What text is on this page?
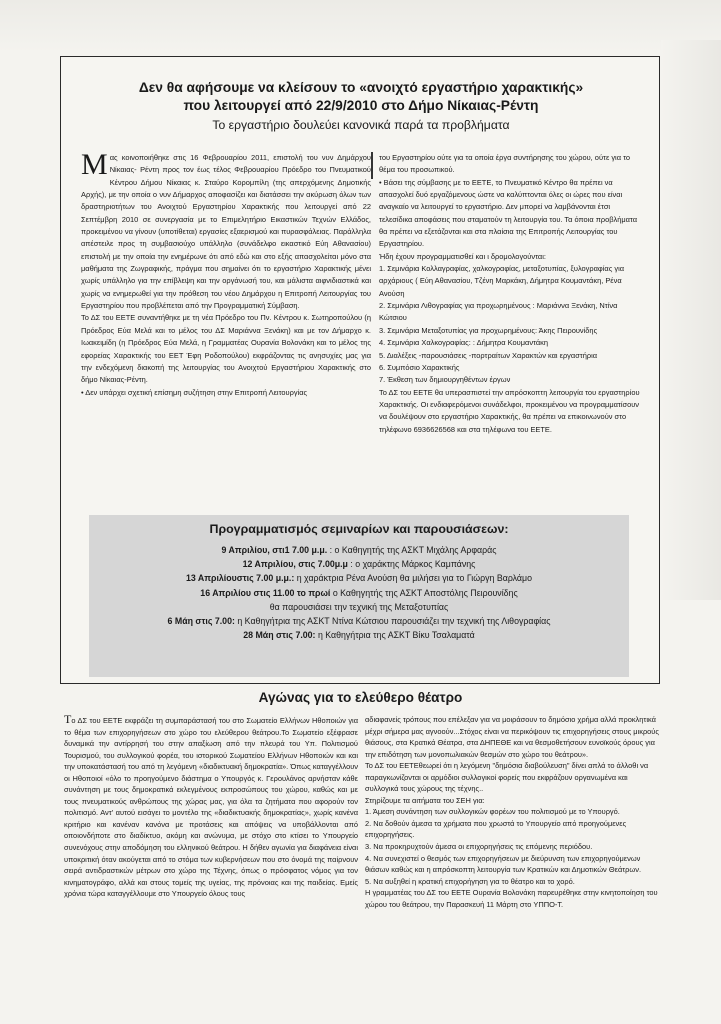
Δεν θα αφήσουμε να κλείσουν το «ανοιχτό εργαστήριο χαρακτικής»
που λειτουργεί από 22/9/2010 στο Δήμο Νίκαιας-Ρέντη

Το εργαστήριο δουλεύει κανονικά παρά τα προβλήματα

Μας κοινοποιήθηκε στις 16 Φεβρουαρίου 2011, επιστολή του νυν Δημάρχου Νίκαιας- Ρέντη προς τον έως τέλος Φεβρουαρίου Πρόεδρο του Πνευματικού Κέντρου Δήμου Νίκαιας κ. Σταύρο Κορομπίλη (της απερχόμενης Δημοτικής Αρχής), με την οποία ο νυν Δήμαρχος αποφασίζει και διατάσσει την ακύρωση όλων των δραστηριοτήτων του Ανοιχτού Εργαστηρίου Χαρακτικής που λειτουργεί από 22 Σεπτέμβρη 2010 σε συνεργασία με το Επιμελητήριο Εικαστικών Τεχνών Ελλάδος, προκειμένου να γίνουν (υποτίθεται) εργασίες εξαερισμού και πυρασφάλειας. Παράλληλα απέστειλε προς τη συμβασιούχο υπάλληλο (συνάδελφο εικαστικό Εύη Αθανασίου) επιστολή με την οποία την ενημέρωνε ότι από εδώ και στο εξής απασχολείται μόνο στα μαθήματα της Ζωγραφικής, πράγμα που σημαίνει ότι το εργαστήριο Χαρακτικής μένει χωρίς υπάλληλο για την επίβλεψη και την οργάνωσή του, και μάλιστα αιφνιδιαστικά και χωρίς να ενημερωθεί για την πρόθεση του νέου Δημάρχου η Επιτροπή Λειτουργίας του Εργαστηρίου που προβλέπεται από την Προγραμματική Σύμβαση.

Το ΔΣ του ΕΕΤΕ συναντήθηκε με τη νέα Πρόεδρο του Πν. Κέντρου κ. Σωτηροπούλου (η Πρόεδρος Εύα Μελά και το μέλος του ΔΣ Μαριάννα Ξενάκη) και με τον Δήμαρχο κ. Ιωακειμίδη (η Πρόεδρος Εύα Μελά, η Γραμματέας Ουρανία Βολονάκη και το μέλος της εφορείας Χαρακτικής του ΕΕΤ Έφη Ροδοπούλου) εκφράζοντας τις ανησυχίες μας για την ενδεχόμενη διακοπή της λειτουργίας του Ανοιχτού Εργαστήριου Χαρακτικής στο δήμο Νίκαιας-Ρέντη.

• Δεν υπάρχει σχετική επίσημη συζήτηση στην Επιτροπή Λειτουργίας

του Εργαστηρίου ούτε για τα οποία έργα συντήρησης του χώρου, ούτε για το θέμα του προσωπικού.

• Βάσει της σύμβασης με το ΕΕΤΕ, το Πνευματικό Κέντρο θα πρέπει να απασχολεί δυό εργαζόμενους ώστε να καλύπτονται όλες οι ώρες που είναι αναγκαίο να λειτουργεί το εργαστήριο. Δεν μπορεί να λαμβάνονται έτσι τελεσίδικα αποφάσεις που σταματούν τη λειτουργία του. Τα όποια προβλήματα θα πρέπει να εξετάζονται και στα πλαίσια της Επιτροπής Λειτουργίας του Εργαστηρίου.

Ήδη έχουν προγραμματισθεί και ι δρομολογούνται:

1. Σεμινάρια Κολλαγραφίας, χαλκογραφίας, μεταξοτυπίας, ξυλογραφίας για αρχάριους ( Εύη Αθανασίου, Τζένη Μαρκάκη, Δήμητρα Κουμαντάκη, Ρένα Ανούση

2. Σεμινάρια Λιθογραφίας για προχωρημένους : Μαριάννα Ξενάκη, Ντίνα Κώτσιου

3. Σεμινάρια Μεταξοτυπίας για προχωρημένους: Άκης Πειρουνίδης

4. Σεμινάρια Χαλκογραφίας: : Δήμητρα Κουμαντάκη

5. Διαλέξεις -παρουσιάσεις -πορτραίτων Χαρακτών και εργαστήρια

6. Συμπόσιο Χαρακτικής

7. Έκθεση των δημιουργηθέντων έργων

Το ΔΣ του ΕΕΤΕ θα υπερασπιστεί την απρόσκοπτη λειτουργία του εργαστηρίου Χαρακτικής. Οι ενδιαφερόμενοι συνάδελφοι, προκειμένου να προγραμματίσουν να δουλέψουν στο εργαστήριο Χαρακτικής, θα πρέπει να επικοινωνούν στο τηλέφωνο 6936626568 και στα τηλέφωνα του ΕΕΤΕ.

Προγραμματισμός σεμιναρίων και παρουσιάσεων:
9 Απριλίου, στι1 7.00 μ.μ. : ο Καθηγητής της ΑΣΚΤ Μιχάλης Αρφαράς
12 Απριλίου, στις 7.00μ.μ : ο χαράκτης Μάρκος Καμπάνης
13 Απριλίουστις 7.00 μ.μ.: η χαράκτρια Ρένα Ανούση θα μιλήσει για το Γιώργη Βαρλάμο
16 Απριλίου στις 11.00 το πρωί ο Καθηγητής της ΑΣΚΤ Αποστόλης Πειρουνίδης
θα παρουσιάσει την τεχνική της Μεταξοτυπίας
6 Μάη στις 7.00: η Καθηγήτρια της ΑΣΚΤ Ντίνα Κώτσιου παρουσιάζει την τεχνική της Λιθογραφίας
28 Μάη στις 7.00: η Καθηγήτρια της ΑΣΚΤ Βίκυ Τσαλαματά
Αγώνας για το ελεύθερο θέατρο

Το ΔΣ του ΕΕΤΕ εκφράζει τη συμπαράστασή του στο Σωματείο Ελλήνων Ηθοποιών για το θέμα των επιχορηγήσεων στο χώρο του ελεύθερου θεάτρου.Το Σωματείο εξέφρασε δυναμικά την αντίρρησή του στην απαξίωση από την πλευρά του Υπ. Πολιτισμού Τουρισμού, του συλλογικού φορέα, του ιστορικού Σωματείου Ελλήνων Ηθοποιών και και την υποκατάστασή του από τη λεγόμενη «διαδικτυακή δημοκρατία». Όπως καταγγέλλουν οι Ηθοποιοί «όλο το προηγούμενο διάστημα ο Υπουργός κ. Γερουλάνος αρνήσταν κάθε συνάντηση με τους δημοκρατικά εκλεγμένους εκπροσώπους του χώρου, καθώς και με τους πνευματικούς ανθρώπους της χώρας μας, για όλα τα ζητήματα που αφορούν τον πολιτισμό. Αντ' αυτού εισάγει το μοντέλο της «διαδικτυακής δημοκρατίας», χωρίς κανένα κριτήριο και κανέναν κανόνα με προτάσεις και απόψεις να υποβάλλονται από οποιονδήποτε στο διαδίκτυο, ακόμη και ανώνυμα, με στόχο στο κτίσει το Υπουργείο συνενόχους στην αποδόμηση του ελληνικού θεάτρου. Η δήθεν αγωνία για διαφάνεια είναι υποκριτική όταν ακούγεται από το στόμα των κυβερνήσεων που στο όνομά της παίρνουν σειρά αντιδραστικών μέτρων στο χώρο της Τέχνης, όπως ο πρόσφατος νόμος για τον κινηματογράφο, αλλά και στους τομείς της υγείας, της πρόνοιας και της παιδείας. Εμείς χρόνια τώρα καταγγέλλουμε στο Υπουργείο όλους τους

αδιαφανείς τρόπους που επέλεξαν για να μοιράσουν το δημόσιο χρήμα αλλά προκλητικά μέχρι σήμερα μας αγνοούν...Στόχος είναι να περικόψουν τις επιχορηγήσεις στους μικρούς θιάσους, στα Κρατικά Θέατρα, στα ΔΗΠΕΘΕ και να θεσμοθετήσουν ευνοϊκούς όρους για την επιδότηση των μονοπωλιακών θεσμών στο χώρο του θεάτρου».

Το ΔΣ του ΕΕΤΕθεωρεί ότι η λεγόμενη "δημόσια διαβούλευση" δίνει απλά το άλλοθι να παραγκωνίζονται οι αρμόδιοι συλλογικοί φορείς που εκφράζουν οργανωμένα και συλλογικά τους χώρους της τέχνης..

Στηρίζουμε τα αιτήματα του ΣΕΗ για:

1. Άμεση συνάντηση των συλλογικών φορέων του πολιτισμού με το Υπουργό.

2. Να δοθούν άμεσα τα χρήματα που χρωστά το Υπουργείο από προηγούμενες επιχορηγήσεις.

3. Να προκηρυχτούν άμεσα οι επιχορηγήσεις τις επόμενης περιόδου.

4. Να συνεχιστεί ο θεσμός των επιχορηγήσεων με διεύρυνση των επιχορηγούμενων θιάσων καθώς και η απρόσκοπτη λειτουργία των Κρατικών και Δημοτικών Θεάτρων.

5. Να αυξηθεί η κρατική επιχορήγηση για το θέατρο και το χορό.

Η γραμματέας του ΔΣ του ΕΕΤΕ Ουρανία Βολονάκη παρευρέθηκε στην κινητοποίηση του χώρου του θεάτρου, την Παρασκευή 11 Μάρτη στο ΥΠΠΟ-Τ.
